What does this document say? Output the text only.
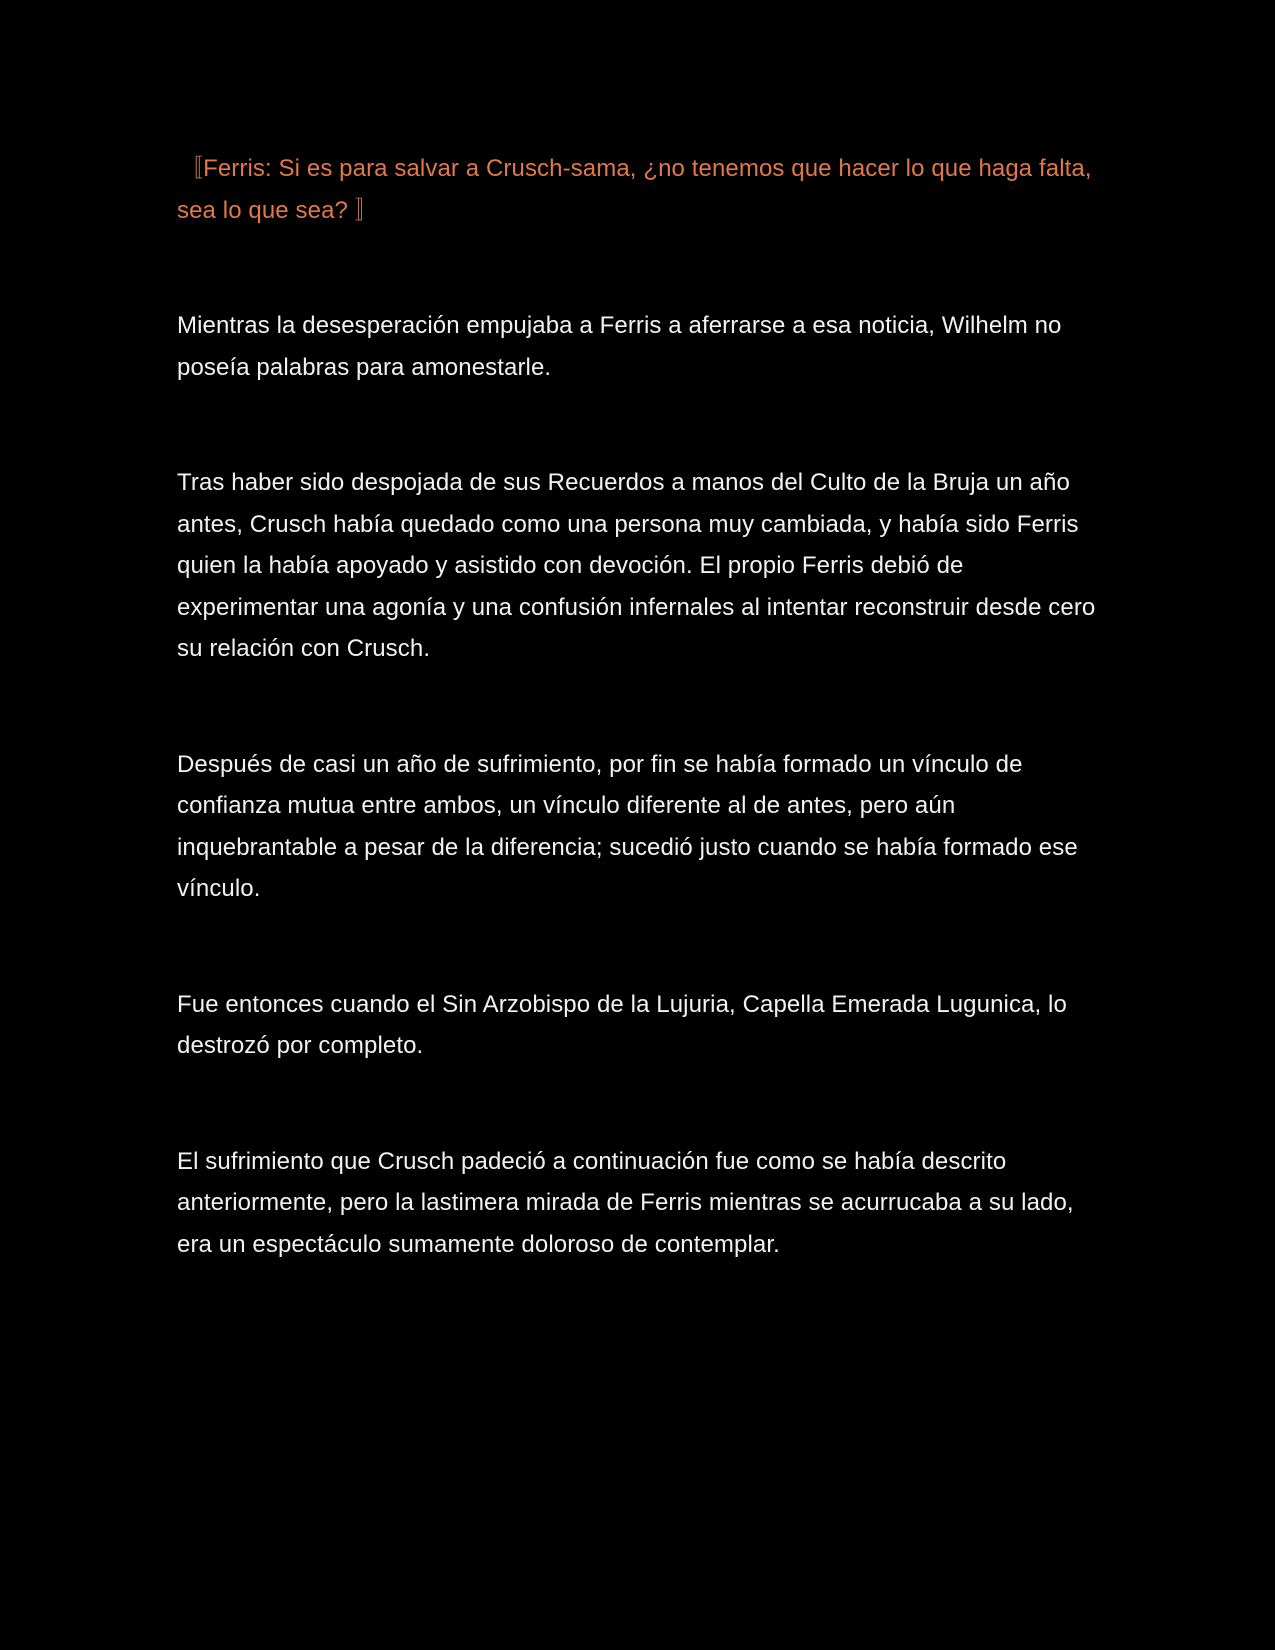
〚Ferris: Si es para salvar a Crusch-sama, ¿no tenemos que hacer lo que haga falta, sea lo que sea? 〛

Mientras la desesperación empujaba a Ferris a aferrarse a esa noticia, Wilhelm no poseía palabras para amonestarle.

Tras haber sido despojada de sus Recuerdos a manos del Culto de la Bruja un año antes, Crusch había quedado como una persona muy cambiada, y había sido Ferris quien la había apoyado y asistido con devoción. El propio Ferris debió de experimentar una agonía y una confusión infernales al intentar reconstruir desde cero su relación con Crusch.

Después de casi un año de sufrimiento, por fin se había formado un vínculo de confianza mutua entre ambos, un vínculo diferente al de antes, pero aún inquebrantable a pesar de la diferencia; sucedió justo cuando se había formado ese vínculo.

Fue entonces cuando el Sin Arzobispo de la Lujuria, Capella Emerada Lugunica, lo destrozó por completo.

El sufrimiento que Crusch padeció a continuación fue como se había descrito anteriormente, pero la lastimera mirada de Ferris mientras se acurrucaba a su lado, era un espectáculo sumamente doloroso de contemplar.
